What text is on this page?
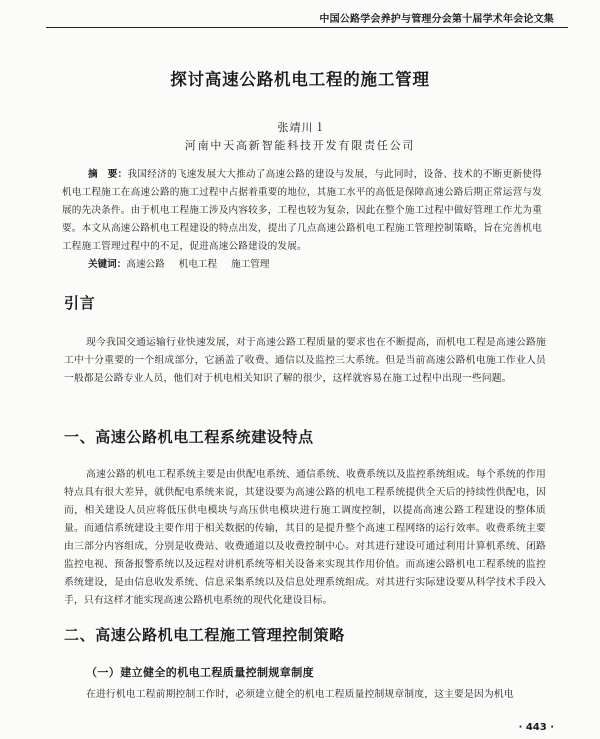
中国公路学会养护与管理分会第十届学术年会论文集
探讨高速公路机电工程的施工管理
张靖川 l
河南中天高新智能科技开发有限责任公司
摘　要：我国经济的飞速发展大大推动了高速公路的建设与发展，与此同时，设备、技术的不断更新使得机电工程施工在高速公路的施工过程中占据着重要的地位，其施工水平的高低是保障高速公路后期正常运营与发展的先决条件。由于机电工程施工涉及内容较多，工程也较为复杂，因此在整个施工过程中做好管理工作尤为重要。本文从高速公路机电工程建设的特点出发，提出了几点高速公路机电工程施工管理控制策略，旨在完善机电工程施工管理过程中的不足，促进高速公路建设的发展。
关键词：高速公路 机电工程 施工管理
引言
现今我国交通运输行业快速发展，对于高速公路工程质量的要求也在不断提高，而机电工程是高速公路施工中十分重要的一个组成部分，它涵盖了收费、通信以及监控三大系统。但是当前高速公路机电施工作业人员一般都是公路专业人员，他们对于机电相关知识了解的很少，这样就容易在施工过程中出现一些问题。
一、高速公路机电工程系统建设特点
高速公路的机电工程系统主要是由供配电系统、通信系统、收费系统以及监控系统组成。每个系统的作用特点具有很大差异，就供配电系统来说，其建设要为高速公路的机电工程系统提供全天后的持续性供配电，因而，相关建设人员应将低压供电模块与高压供电模块进行施工调度控制，以提高高速公路工程建设的整体质量。而通信系统建设主要作用于相关数据的传输，其目的是提升整个高速工程网络的运行效率。收费系统主要由三部分内容组成，分别是收费站、收费通道以及收费控制中心。对其进行建设可通过利用计算机系统、闭路监控电视、预备报警系统以及远程对讲机系统等相关设备来实现其作用价值。而高速公路机电工程系统的监控系统建设，是由信息收发系统、信息采集系统以及信息处理系统组成。对其进行实际建设要从科学技术手段入手，只有这样才能实现高速公路机电系统的现代化建设目标。
二、高速公路机电工程施工管理控制策略
（一）建立健全的机电工程质量控制规章制度
在进行机电工程前期控制工作时，必须建立健全的机电工程质量控制规章制度，这主要是因为机电
· 443 ·
